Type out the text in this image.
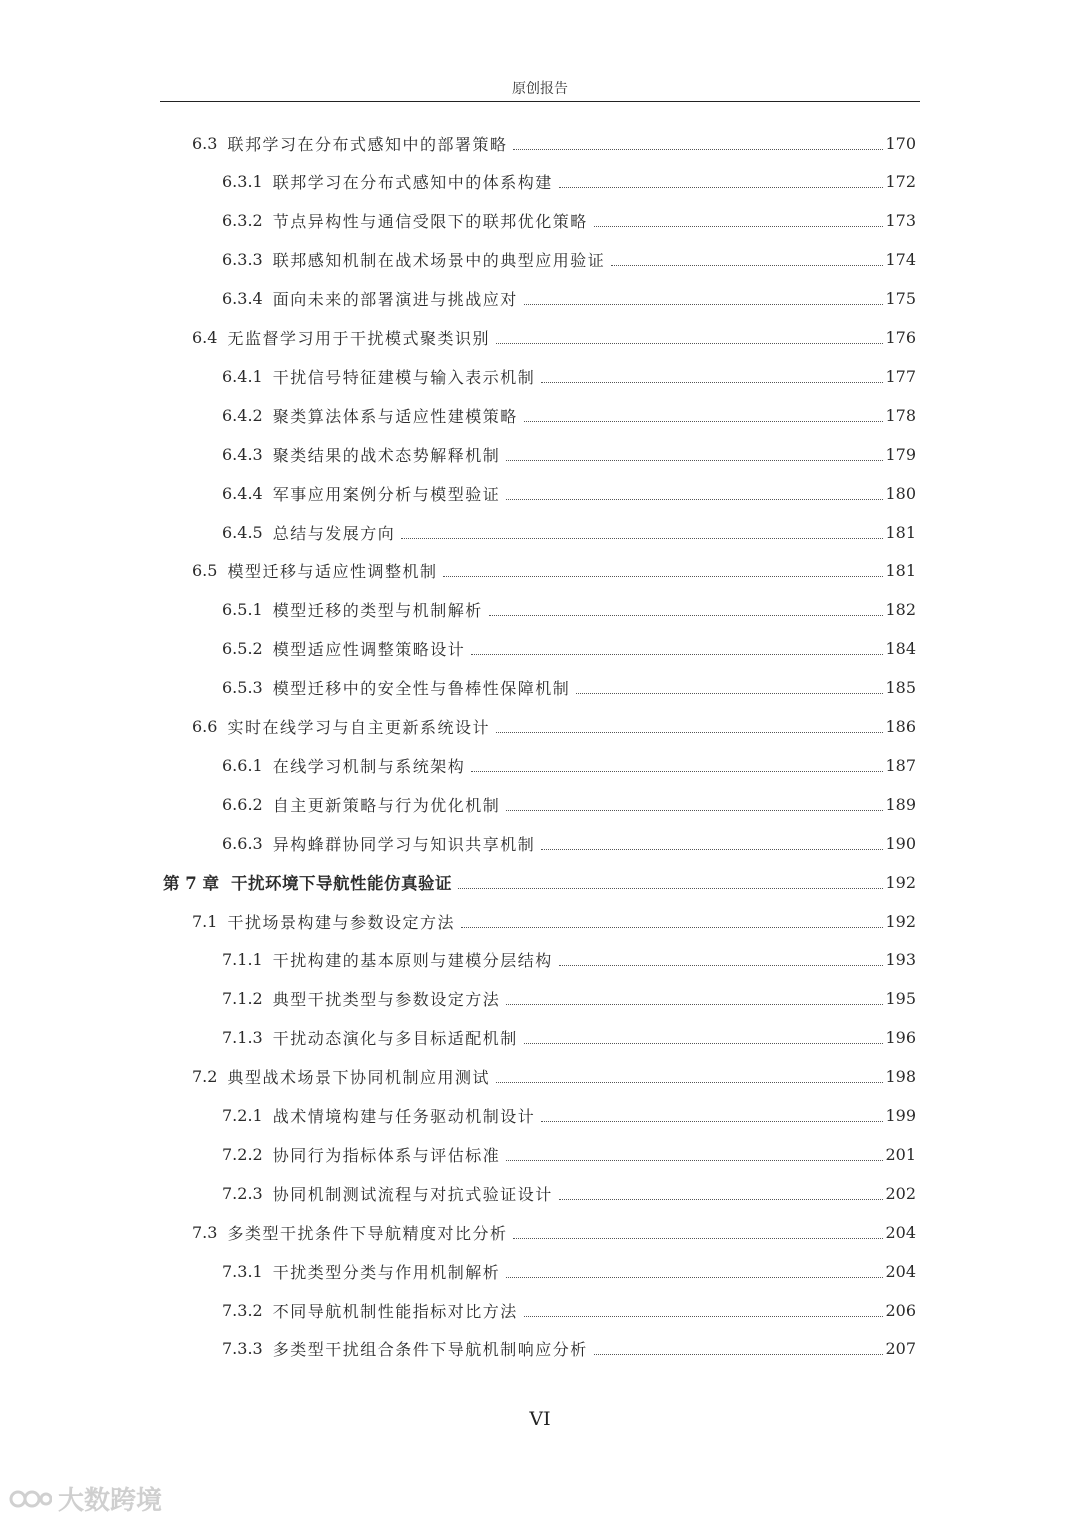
原创报告
6.3 联邦学习在分布式感知中的部署策略	170
6.3.1 联邦学习在分布式感知中的体系构建	172
6.3.2 节点异构性与通信受限下的联邦优化策略	173
6.3.3 联邦感知机制在战术场景中的典型应用验证	174
6.3.4 面向未来的部署演进与挑战应对	175
6.4 无监督学习用于干扰模式聚类识别	176
6.4.1 干扰信号特征建模与输入表示机制	177
6.4.2 聚类算法体系与适应性建模策略	178
6.4.3 聚类结果的战术态势解释机制	179
6.4.4 军事应用案例分析与模型验证	180
6.4.5 总结与发展方向	181
6.5 模型迁移与适应性调整机制	181
6.5.1 模型迁移的类型与机制解析	182
6.5.2 模型适应性调整策略设计	184
6.5.3 模型迁移中的安全性与鲁棒性保障机制	185
6.6 实时在线学习与自主更新系统设计	186
6.6.1 在线学习机制与系统架构	187
6.6.2 自主更新策略与行为优化机制	189
6.6.3 异构蜂群协同学习与知识共享机制	190
第 7 章 干扰环境下导航性能仿真验证	192
7.1 干扰场景构建与参数设定方法	192
7.1.1 干扰构建的基本原则与建模分层结构	193
7.1.2 典型干扰类型与参数设定方法	195
7.1.3 干扰动态演化与多目标适配机制	196
7.2 典型战术场景下协同机制应用测试	198
7.2.1 战术情境构建与任务驱动机制设计	199
7.2.2 协同行为指标体系与评估标准	201
7.2.3 协同机制测试流程与对抗式验证设计	202
7.3 多类型干扰条件下导航精度对比分析	204
7.3.1 干扰类型分类与作用机制解析	204
7.3.2 不同导航机制性能指标对比方法	206
7.3.3 多类型干扰组合条件下导航机制响应分析	207
VI
大数跨境
